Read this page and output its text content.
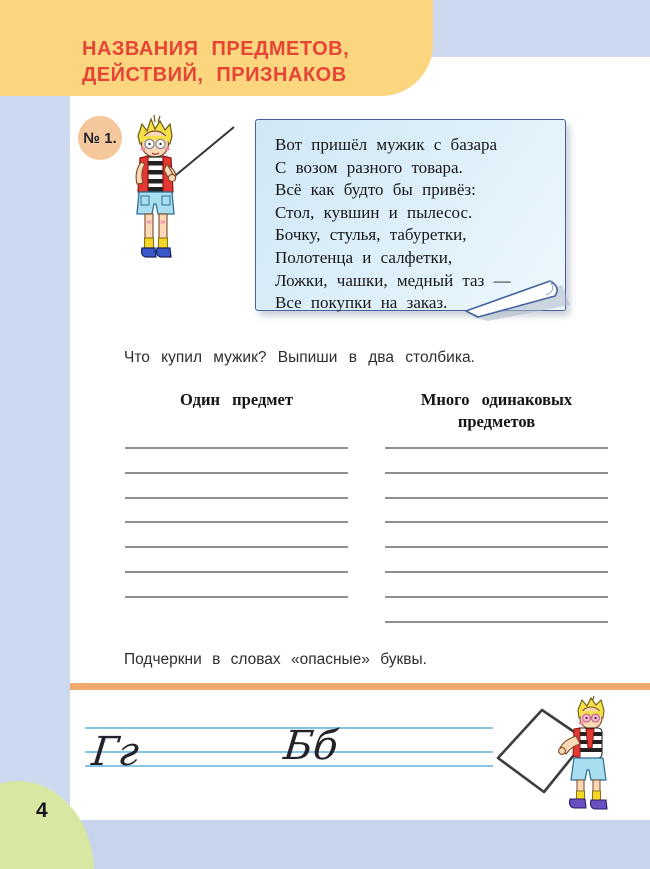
НАЗВАНИЯ ПРЕДМЕТОВ,
ДЕЙСТВИЙ, ПРИЗНАКОВ
№ 1.	Вот пришёл мужик с базара

С возом разного товара.

Всё как будто бы привёз:

Стол, кувшин и пылесос.

Бочку, стулья, табуретки,

Полотенца и салфетки,

Ложки, чашки, медный таз —

Все покупки на заказ.

Что купил мужик? Выпиши в два столбика.
Один предмет	Много одинаковых
предметов
Подчеркни в словах «опасные» буквы.
Гг	Бб
4
